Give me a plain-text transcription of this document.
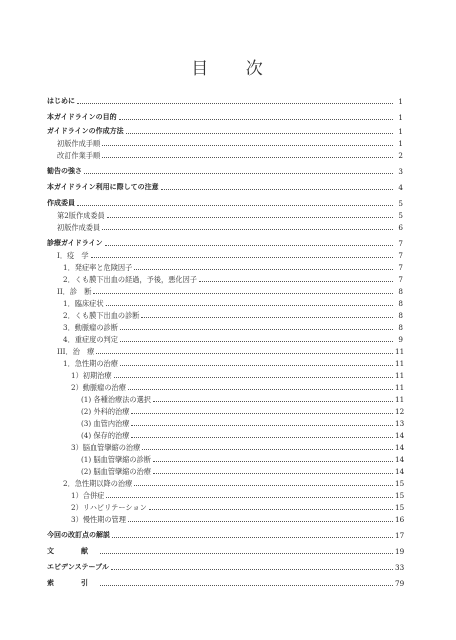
目 次
はじめに	1
本ガイドラインの目的	1
ガイドラインの作成方法	1
初版作成手順	1
改訂作業手順	2
勧告の強さ	3
本ガイドライン利用に際しての注意	4
作成委員	5
第2版作成委員	5
初版作成委員	6
診療ガイドライン	7
I．疫　学	7
1．発症率と危険因子	7
2．くも膜下出血の経過，予後，悪化因子	7
II．診　断	8
1．臨床症状	8
2．くも膜下出血の診断	8
3．動脈瘤の診断	8
4．重症度の判定	9
III．治　療	11
1．急性期の治療	11
1）初期治療	11
2）動脈瘤の治療	11
(1) 各種治療法の選択	11
(2) 外科的治療	12
(3) 血管内治療	13
(4) 保存的治療	14
3）脳血管攣縮の治療	14
(1) 脳血管攣縮の診断	14
(2) 脳血管攣縮の治療	14
2．急性期以降の治療	15
1）合併症	15
2）リハビリテーション	15
3）慢性期の管理	16
今回の改訂点の解説	17
文　献	19
エビデンステーブル	33
索　引	79
